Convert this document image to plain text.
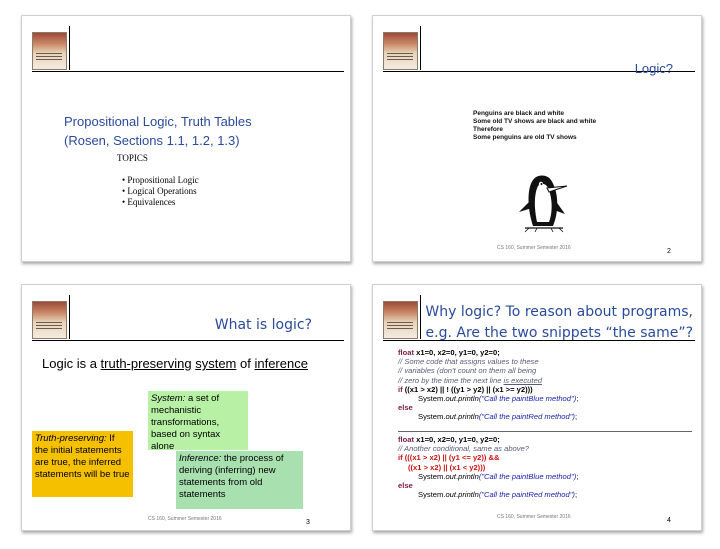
Propositional Logic, Truth Tables
(Rosen, Sections 1.1, 1.2, 1.3)
TOPICS
• Propositional Logic
• Logical Operations
• Equivalences
Logic?
Penguins are black and white
Some old TV shows are black and white
Therefore
Some penguins are old TV shows
CS 160, Summer Semester 2016	2
What is logic?
Logic is a truth-preserving system of inference
Truth-preserving: If the initial statements are true, the inferred statements will be true
System: a set of mechanistic transformations, based on syntax alone
Inference: the process of deriving (inferring) new statements from old statements
CS 160, Summer Semester 2016	3
Why logic? To reason about programs,
e.g. Are the two snippets “the same”?
float x1=0, x2=0, y1=0, y2=0;
// Some code that assigns values to these
// variables (don't count on them all being
// zero by the time the next line is executed
if ((x1 > x2) || ! ((y1 > y2) || (x1 >= y2)))
System.out.println("Call the paintBlue method");
else
System.out.println("Call the paintRed method");
float x1=0, x2=0, y1=0, y2=0;
// Another conditional, same as above?
if (((x1 > x2) || (y1 <= y2)) &&
((x1 > x2) || (x1 < y2)))
System.out.println("Call the paintBlue method");
else
System.out.println("Call the paintRed method");
CS 160, Summer Semester 2016	4
